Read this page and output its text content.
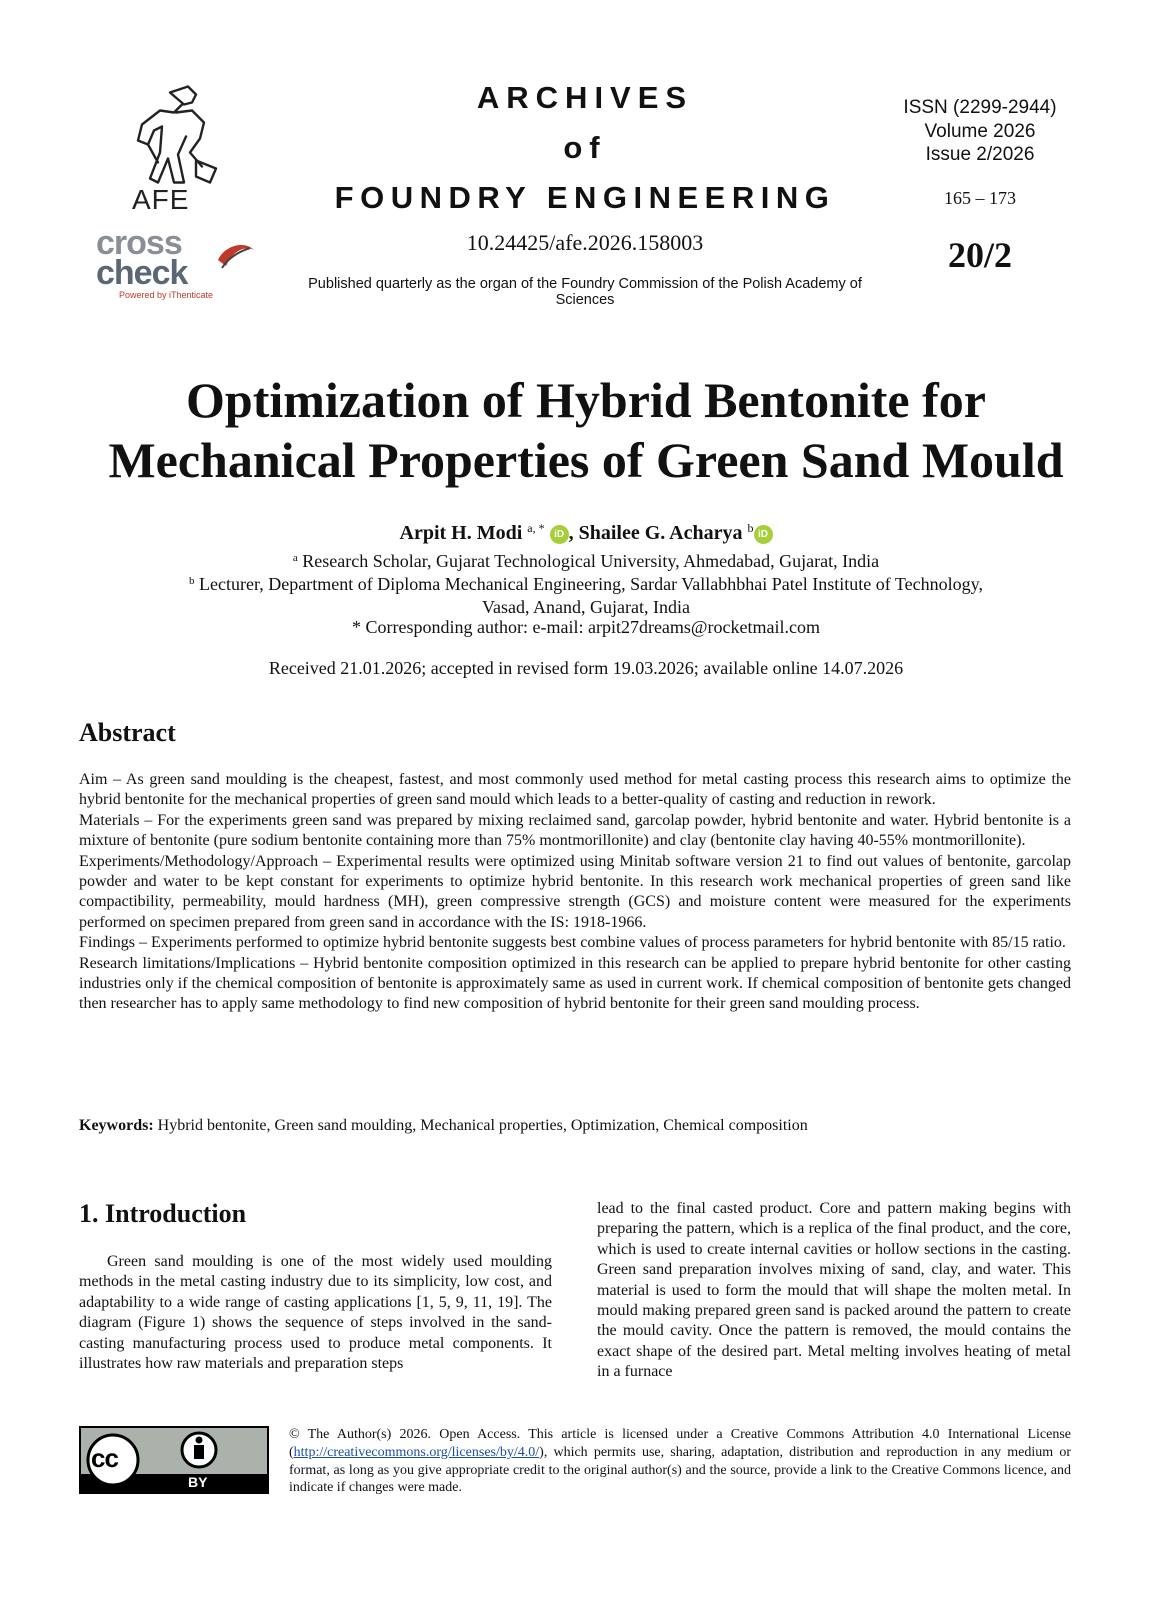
AFE
cross
check
Powered by iThenticate
ARCHIVES
of
FOUNDRY ENGINEERING
10.24425/afe.2026.158003
Published quarterly as the organ of the Foundry Commission of the Polish Academy of Sciences
ISSN (2299-2944)
Volume 2026
Issue 2/2026
165 – 173
20/2
Optimization of Hybrid Bentonite for
Mechanical Properties of Green Sand Mould
Arpit H. Modi $^{a, *}$ iD , Shailee G. Acharya $^b$ iD
$^a$ Research Scholar, Gujarat Technological University, Ahmedabad, Gujarat, India
$^b$ Lecturer, Department of Diploma Mechanical Engineering, Sardar Vallabhbhai Patel Institute of Technology,
Vasad, Anand, Gujarat, India
* Corresponding author: e-mail: arpit27dreams@rocketmail.com
Received 21.01.2026; accepted in revised form 19.03.2026; available online 14.07.2026
Abstract

Aim – As green sand moulding is the cheapest, fastest, and most commonly used method for metal casting process this research aims to optimize the hybrid bentonite for the mechanical properties of green sand mould which leads to a better-quality of casting and reduction in rework.

Materials – For the experiments green sand was prepared by mixing reclaimed sand, garcolap powder, hybrid bentonite and water. Hybrid bentonite is a mixture of bentonite (pure sodium bentonite containing more than 75% montmorillonite) and clay (bentonite clay having 40-55% montmorillonite).

Experiments/Methodology/Approach – Experimental results were optimized using Minitab software version 21 to find out values of bentonite, garcolap powder and water to be kept constant for experiments to optimize hybrid bentonite. In this research work mechanical properties of green sand like compactibility, permeability, mould hardness (MH), green compressive strength (GCS) and moisture content were measured for the experiments performed on specimen prepared from green sand in accordance with the IS: 1918-1966.

Findings – Experiments performed to optimize hybrid bentonite suggests best combine values of process parameters for hybrid bentonite with 85/15 ratio.

Research limitations/Implications – Hybrid bentonite composition optimized in this research can be applied to prepare hybrid bentonite for other casting industries only if the chemical composition of bentonite is approximately same as used in current work. If chemical composition of bentonite gets changed then researcher has to apply same methodology to find new composition of hybrid bentonite for their green sand moulding process.

Keywords: Hybrid bentonite, Green sand moulding, Mechanical properties, Optimization, Chemical composition
1. Introduction
Green sand moulding is one of the most widely used moulding methods in the metal casting industry due to its simplicity, low cost, and adaptability to a wide range of casting applications [1, 5, 9, 11, 19]. The diagram (Figure 1) shows the sequence of steps involved in the sand-casting manufacturing process used to produce metal components. It illustrates how raw materials and preparation steps
lead to the final casted product. Core and pattern making begins with preparing the pattern, which is a replica of the final product, and the core, which is used to create internal cavities or hollow sections in the casting. Green sand preparation involves mixing of sand, clay, and water. This material is used to form the mould that will shape the molten metal. In mould making prepared green sand is packed around the pattern to create the mould cavity. Once the pattern is removed, the mould contains the exact shape of the desired part. Metal melting involves heating of metal in a furnace
cc
BY
© The Author(s) 2026. Open Access. This article is licensed under a Creative Commons Attribution 4.0 International License (http://creativecommons.org/licenses/by/4.0/), which permits use, sharing, adaptation, distribution and reproduction in any medium or format, as long as you give appropriate credit to the original author(s) and the source, provide a link to the Creative Commons licence, and indicate if changes were made.
